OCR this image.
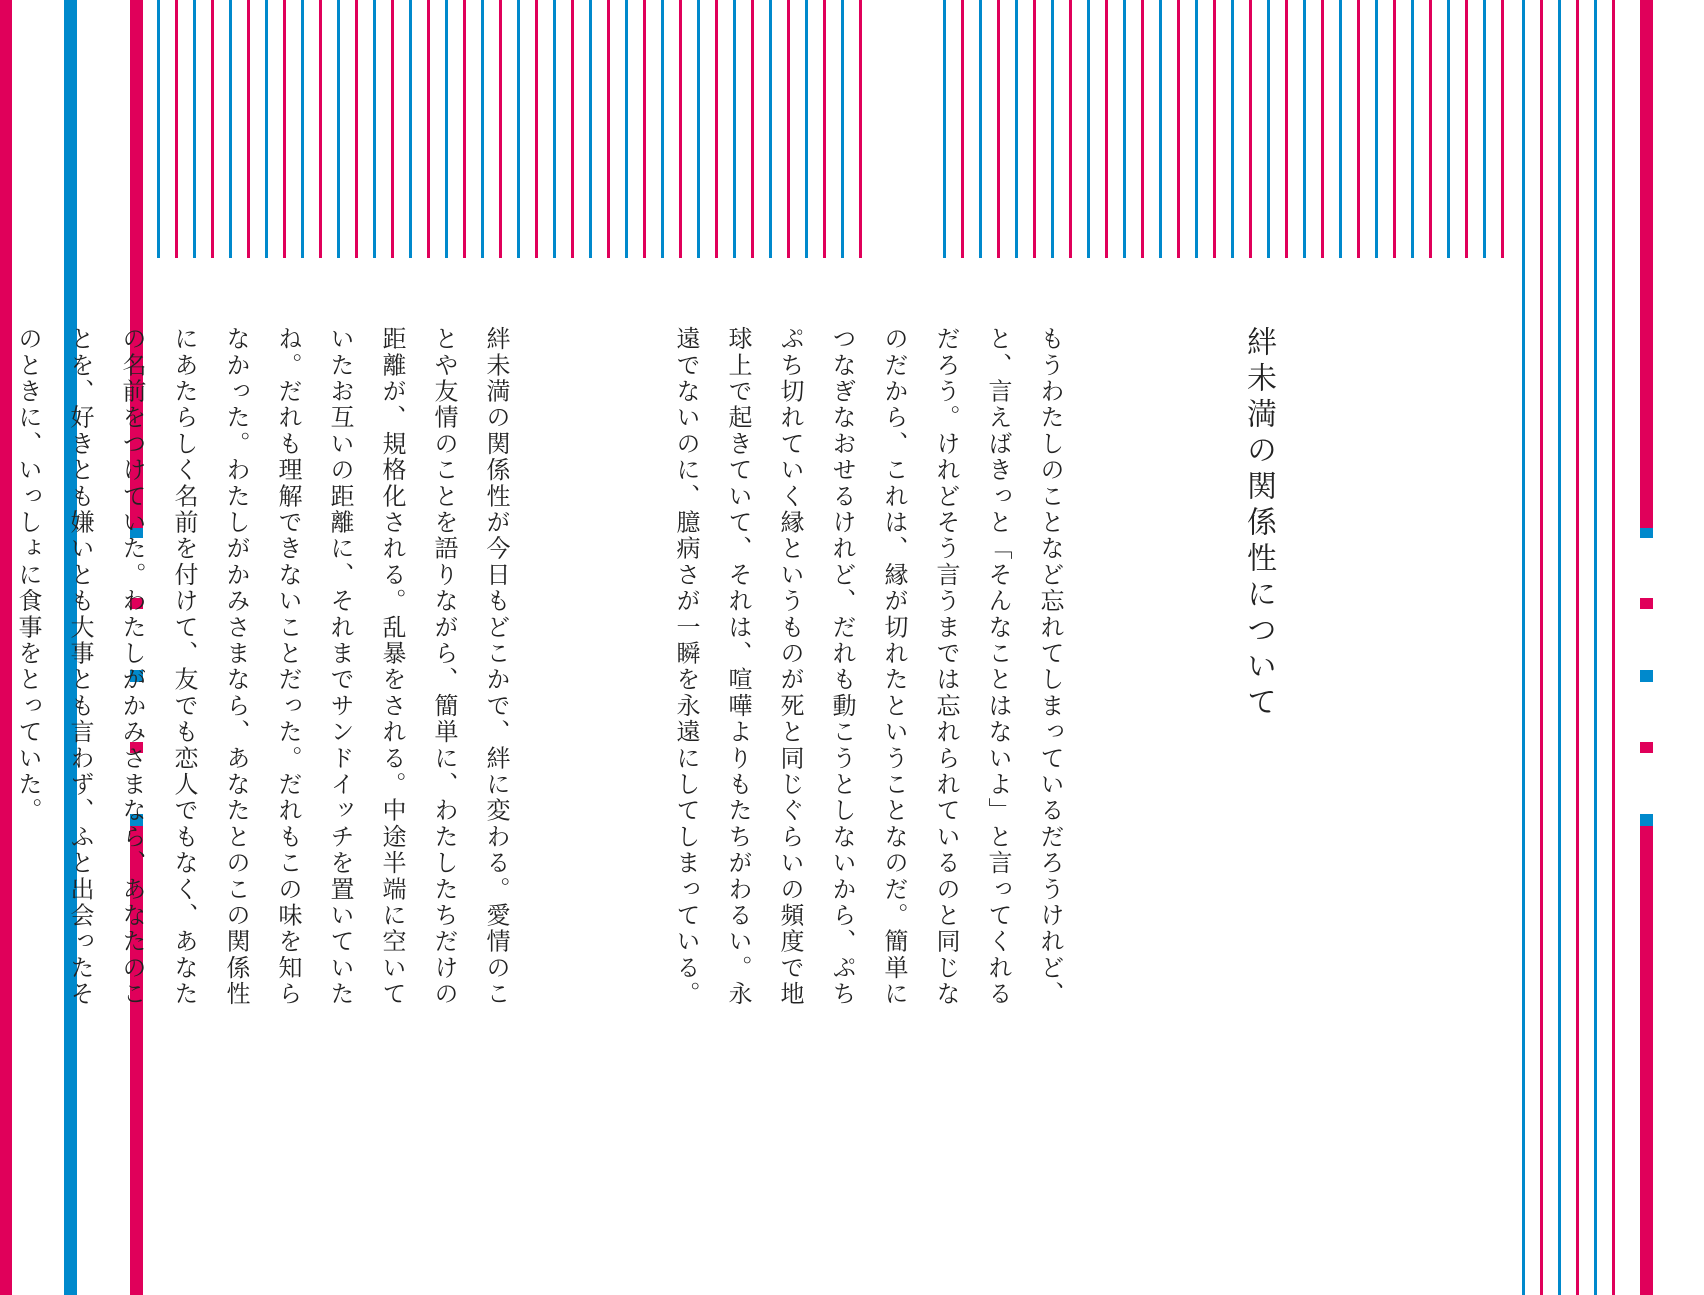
絆未満の関係性について

もうわたしのことなど忘れてしまっているだろうけれど、と、言えばきっと「そんなことはないよ」と言ってくれるだろう。けれどそう言うまでは忘れられているのと同じなのだから、これは、縁が切れたということなのだ。簡単につなぎなおせるけれど、だれも動こうとしないから、ぷちぷち切れていく縁というものが死と同じぐらいの頻度で地球上で起きていて、それは、喧嘩よりもたちがわるい。永遠でないのに、臆病さが一瞬を永遠にしてしまっている。

絆未満の関係性が今日もどこかで、絆に変わる。愛情のことや友情のことを語りながら、簡単に、わたしたちだけの距離が、規格化される。乱暴をされる。中途半端に空いていたお互いの距離に、それまでサンドイッチを置いていたね。だれも理解できないことだった。だれもこの味を知らなかった。わたしがかみさまなら、あなたとのこの関係性にあたらしく名前を付けて、友でも恋人でもなく、あなたの名前をつけていた。わたしがかみさまなら、あなたのことを、好きとも嫌いとも大事とも言わず、ふと出会ったそのときに、いっしょに食事をとっていた。
